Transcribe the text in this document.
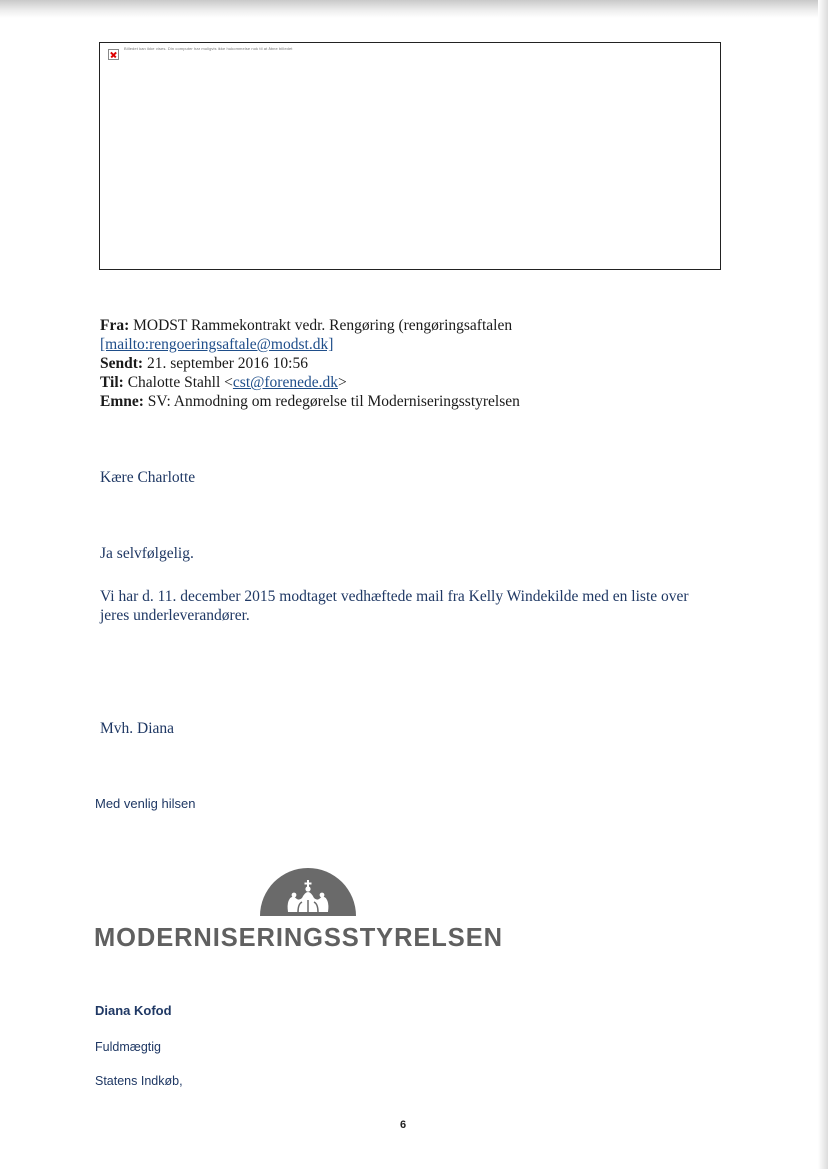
Billedet kan ikke vises. Din computer har muligvis ikke hukommelse nok til at åbne billedet
Fra: MODST Rammekontrakt vedr. Rengøring (rengøringsaftalen
[mailto:rengoeringsaftale@modst.dk]
Sendt: 21. september 2016 10:56
Til: Chalotte Stahll <cst@forenede.dk>
Emne: SV: Anmodning om redegørelse til Moderniseringsstyrelsen
Kære Charlotte
Ja selvfølgelig.
Vi har d. 11. december 2015 modtaget vedhæftede mail fra Kelly Windekilde med en liste over jeres underleverandører.
Mvh. Diana
Med venlig hilsen
MODERNISERINGSSTYRELSEN
Diana Kofod
Fuldmægtig
Statens Indkøb,
6
